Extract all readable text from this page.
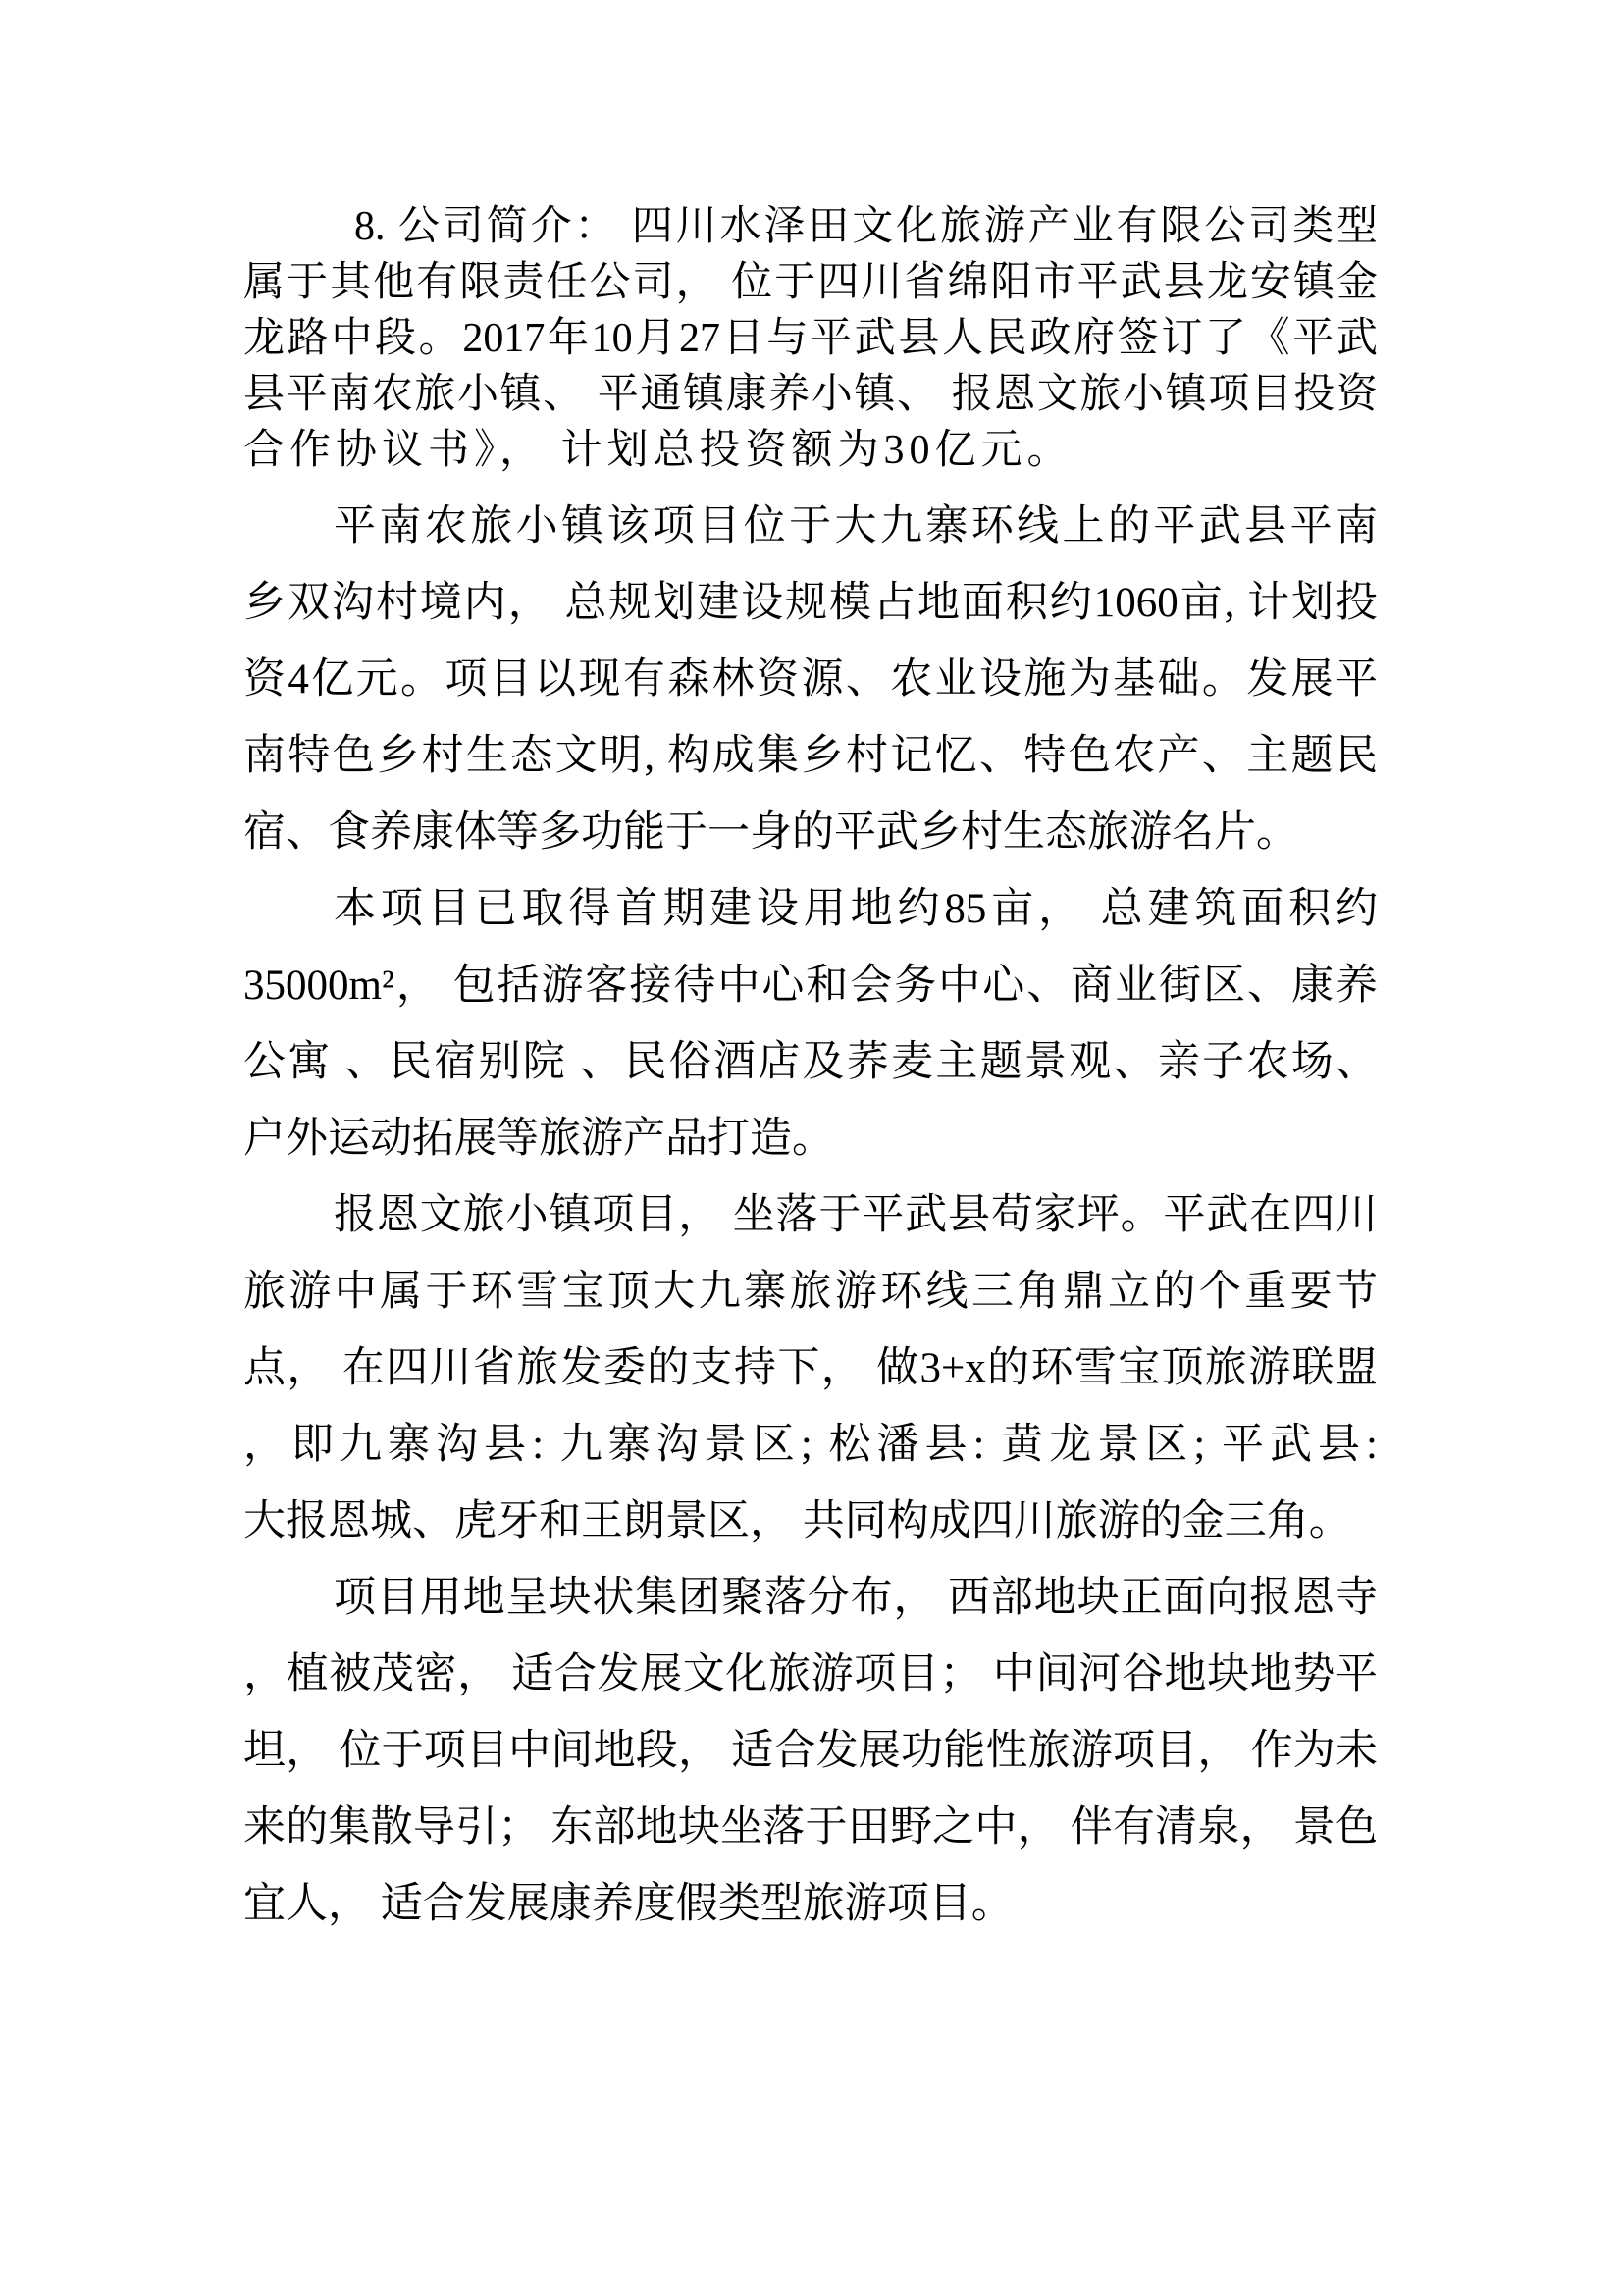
8. 公司简介： 四川水泽田文化旅游产业有限公司类型
属于其他有限责任公司， 位于四川省绵阳市平武县龙安镇金
龙路中段。2017年10月27日与平武县人民政府签订了《平武
县平南农旅小镇、 平通镇康养小镇、 报恩文旅小镇项目投资
合作协议书》， 计划总投资额为30亿元。
平南农旅小镇该项目位于大九寨环线上的平武县平南
乡双沟村境内， 总规划建设规模占地面积约1060亩, 计划投
资4亿元。项目以现有森林资源、农业设施为基础。发展平
南特色乡村生态文明, 构成集乡村记忆、特色农产、主题民
宿、食养康体等多功能于一身的平武乡村生态旅游名片。
本项目已取得首期建设用地约85亩， 总建筑面积约
35000m²， 包括游客接待中心和会务中心、商业街区、康养
公寓 、民宿别院 、民俗酒店及荞麦主题景观、亲子农场、
户外运动拓展等旅游产品打造。
报恩文旅小镇项目， 坐落于平武县苟家坪。平武在四川
旅游中属于环雪宝顶大九寨旅游环线三角鼎立的个重要节
点， 在四川省旅发委的支持下， 做3+x的环雪宝顶旅游联盟
，即九寨沟县: 九寨沟景区; 松潘县: 黄龙景区; 平武县:
大报恩城、虎牙和王朗景区， 共同构成四川旅游的金三角。
项目用地呈块状集团聚落分布， 西部地块正面向报恩寺
，植被茂密， 适合发展文化旅游项目； 中间河谷地块地势平
坦， 位于项目中间地段， 适合发展功能性旅游项目， 作为未
来的集散导引； 东部地块坐落于田野之中， 伴有清泉， 景色
宜人， 适合发展康养度假类型旅游项目。
